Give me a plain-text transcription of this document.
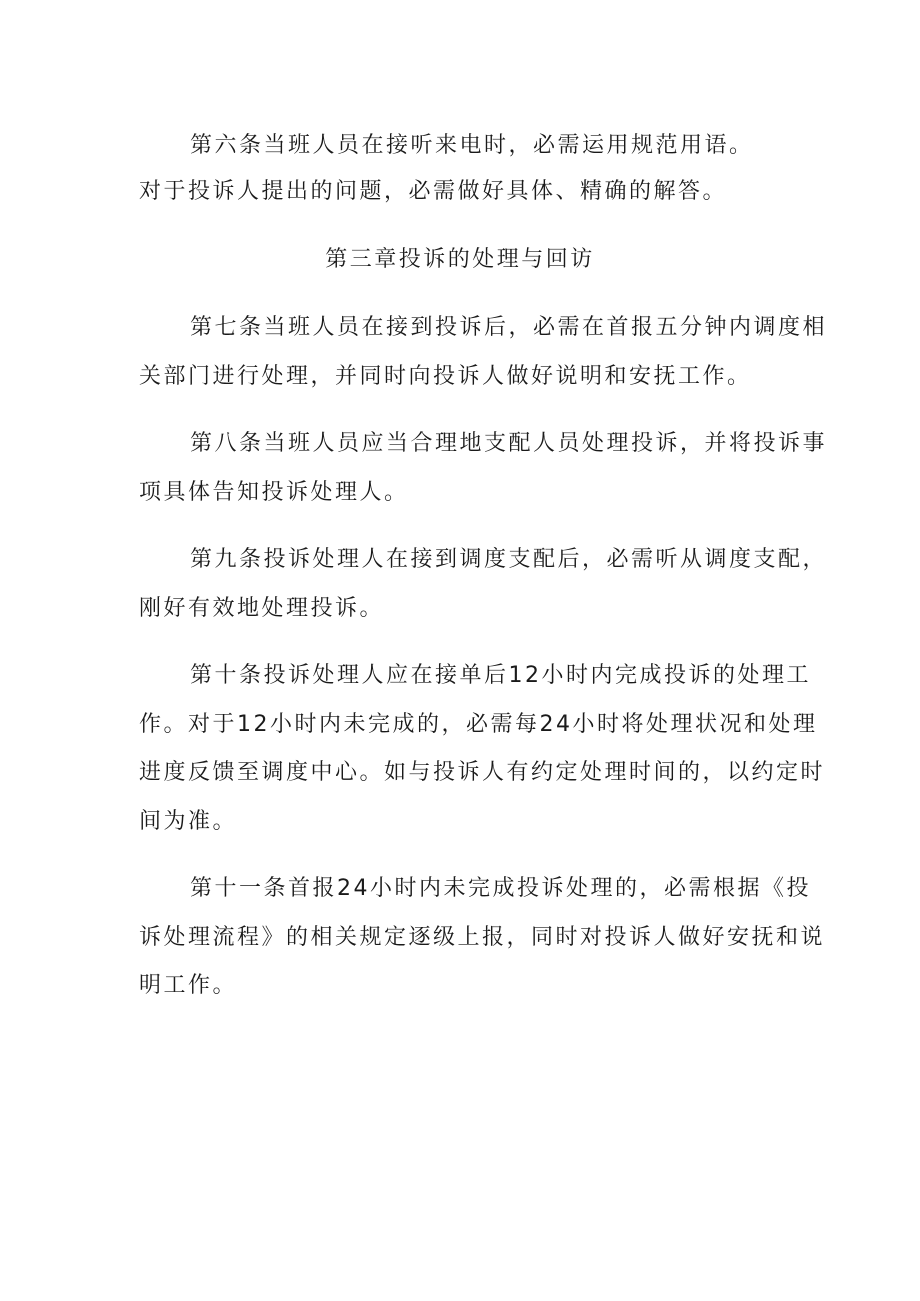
第六条当班人员在接听来电时，必需运用规范用语。
对于投诉人提出的问题，必需做好具体、精确的解答。
第三章投诉的处理与回访
第七条当班人员在接到投诉后，必需在首报五分钟内调度相
关部门进行处理，并同时向投诉人做好说明和安抚工作。
第八条当班人员应当合理地支配人员处理投诉，并将投诉事
项具体告知投诉处理人。
第九条投诉处理人在接到调度支配后，必需听从调度支配，
刚好有效地处理投诉。
第十条投诉处理人应在接单后12小时内完成投诉的处理工
作。对于12小时内未完成的，必需每24小时将处理状况和处理
进度反馈至调度中心。如与投诉人有约定处理时间的，以约定时
间为准。
第十一条首报24小时内未完成投诉处理的，必需根据《投
诉处理流程》的相关规定逐级上报，同时对投诉人做好安抚和说
明工作。
